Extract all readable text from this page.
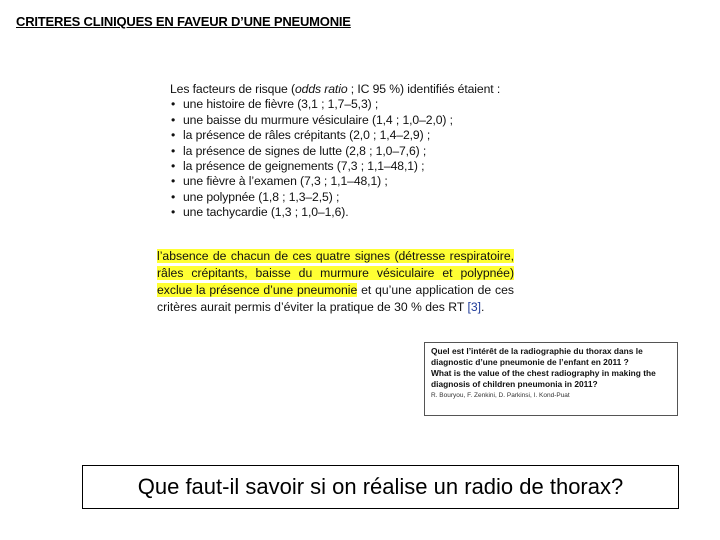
CRITERES CLINIQUES EN FAVEUR D’UNE PNEUMONIE

Les facteurs de risque (odds ratio ; IC 95 %) identifiés étaient :

• une histoire de fièvre (3,1 ; 1,7–5,3) ;
• une baisse du murmure vésiculaire (1,4 ; 1,0–2,0) ;
• la présence de râles crépitants (2,0 ; 1,4–2,9) ;
• la présence de signes de lutte (2,8 ; 1,0–7,6) ;
• la présence de geignements (7,3 ; 1,1–48,1) ;
• une fièvre à l’examen (7,3 ; 1,1–48,1) ;
• une polypnée (1,8 ; 1,3–2,5) ;
• une tachycardie (1,3 ; 1,0–1,6).
l’absence de chacun de ces quatre signes (détresse respiratoire, râles crépitants, baisse du murmure vésiculaire et polypnée) exclue la présence d’une pneumonie et qu’une application de ces critères aurait permis d’éviter la pratique de 30 % des RT [3].
Quel est l’intérêt de la radiographie du thorax dans le diagnostic d’une pneumonie de l’enfant en 2011 ?
What is the value of the chest radiography in making the diagnosis of children pneumonia in 2011?
R. Bouryou, F. Zenkini, D. Parkinsi, I. Kond-Puat
Que faut-il savoir si on réalise un radio de thorax?
